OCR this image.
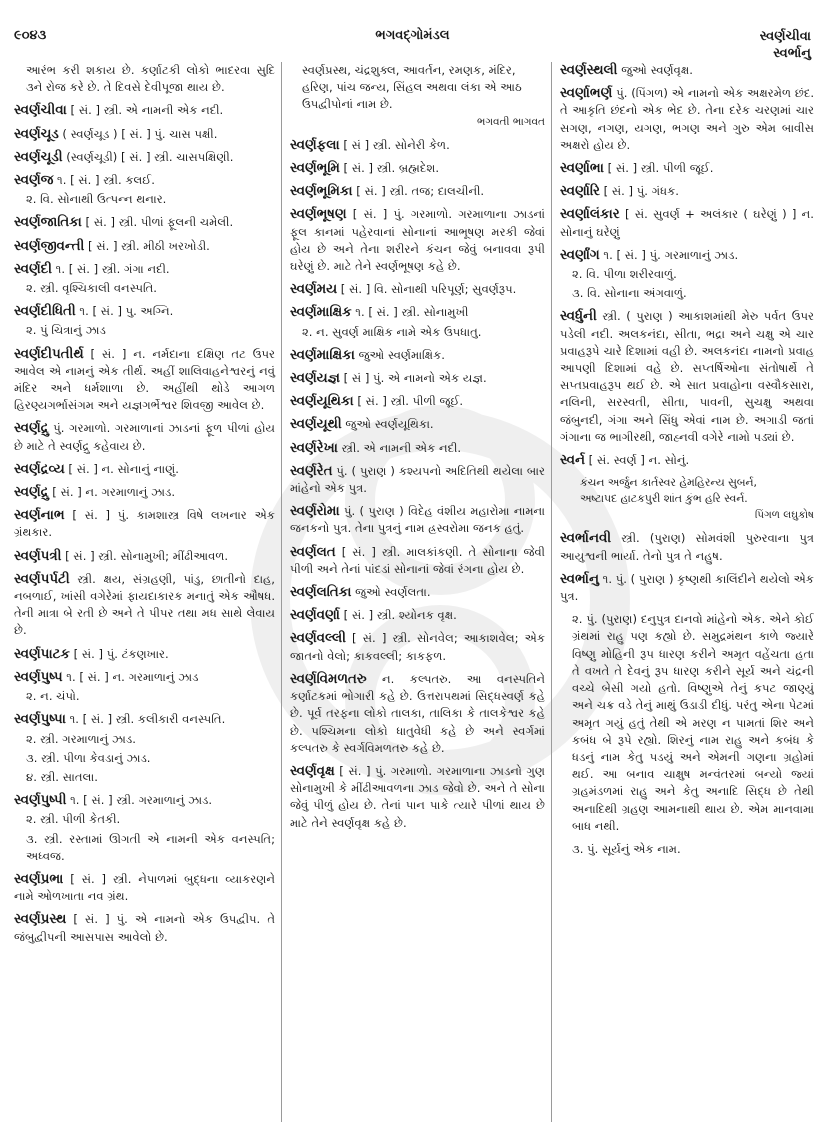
૯૦૪૩	ભગવદ્ગોમંડલ	સ્વર્ણચીવા
સ્વર્ભાનુ
આરંભ કરી શકાય છે. કર્ણાટકી લોકો ભાદરવા સુદિ ૩ને રોજ કરે છે. તે દિવસે દેવીપૂજા થાય છે.
સ્વર્ણચીવા [ સં. ] સ્ત્રી. એ નામની એક નદી.
સ્વર્ણચૂડ ( સ્વર્ણચૂડ ) [ સં. ] પું. ચાસ પક્ષી.
સ્વર્ણચૂડી (સ્વર્ણચૂડી) [ સં. ] સ્ત્રી. ચાસપક્ષિણી.
સ્વર્ણજ ૧. [ સં. ] સ્ત્રી. કલઈ.
૨. વિ. સોનાથી ઉત્પન્ન થનાર.
સ્વર્ણજાતિકા [ સં. ] સ્ત્રી. પીળાં ફૂલની ચમેલી.
સ્વર્ણજીવન્તી [ સં. ] સ્ત્રી. મીઠી ખરખોડી.
સ્વર્ણદી ૧. [ સં. ] સ્ત્રી. ગંગા નદી.
૨. સ્ત્રી. વૃશ્ચિકાલી વનસ્પતિ.
સ્વર્ણદીધિતી ૧. [ સં. ] પુ. અગ્નિ.
૨. પું ચિત્રાનું ઝાડ
સ્વર્ણદીપતીર્થ [ સં. ] ન. નર્મદાના દક્ષિણ તટ ઉપર આવેલ એ નામનું એક તીર્થ. અહીં શાલિવાહનેશ્વરનું નવું મંદિર અને ધર્મશાળા છે. અહીંથી થોડે આગળ હિરણ્યગર્ભાસંગમ અને યજ્ઞગર્ભેશ્વર શિવજી આવેલ છે.
સ્વર્ણદ્રુ પું. ગરમાળો. ગરમાળાનાં ઝાડનાં ફૂળ પીળાં હોય છે માટે તે સ્વર્ણદ્રુ કહેવાય છે.
સ્વર્ણદ્રવ્ય [ સં. ] ન. સોનાનું નાણું.
સ્વર્ણદ્રુ [ સં. ] ન. ગરમાળાનું ઝાડ.
સ્વર્ણનાભ [ સં. ] પું. કામશાસ્ત્ર વિષે લખનાર એક ગ્રંથકાર.
સ્વર્ણપત્રી [ સં. ] સ્ત્રી. સોનામુખી; મીંઢીઆવળ.
સ્વર્ણપર્પટી સ્ત્રી. ક્ષય, સંગ્રહણી, પાંડુ, છાતીનો દાહ, નબળાઈ, ખાંસી વગેરેમાં ફાયદાકારક મનાતું એક ઔષધ. તેની માત્રા બે રતી છે અને તે પીપર તથા મધ સાથે લેવાય છે.
સ્વર્ણપાટક [ સં. ] પું. ટંકણખાર.
સ્વર્ણપુષ્પ ૧. [ સં. ] ન. ગરમાળાનું ઝાડ
૨. ન. ચંપો.
સ્વર્ણપુષ્પા ૧. [ સં. ] સ્ત્રી. કલીકારી વનસ્પતિ.
૨. સ્ત્રી. ગરમાળાનું ઝાડ.
૩. સ્ત્રી. પીળા કેવડાનું ઝાડ.
૪. સ્ત્રી. સાતલા.
સ્વર્ણપુષ્પી ૧. [ સં. ] સ્ત્રી. ગરમાળાનું ઝાડ.
૨. સ્ત્રી. પીળી કેતકી.
૩. સ્ત્રી. રસ્તામાં ઊગતી એ નામની એક વનસ્પતિ; અધ્વજ.
સ્વર્ણપ્રભા [ સં. ] સ્ત્રી. નેપાળમાં બુદ્ધના વ્યાકરણને નામે ઓળખાતા નવ ગ્રંથ.
સ્વર્ણપ્રસ્થ [ સં. ] પું. એ નામનો એક ઉપદ્વીપ. તે જંબુદ્વીપની આસપાસ આવેલો છે.
સ્વર્ણપ્રસ્થ, ચંદ્રશુક્લ, આવર્તન, રમણક, મંદિર, હરિણ, પાંચ જન્ય, સિંહલ અથવા લંકા એ આઠ ઉપદ્વીપોનાં નામ છે.
ભગવતી ભાગવત
સ્વર્ણફલા [ સં ] સ્ત્રી. સોનેરી કેળ.
સ્વર્ણભૂમિ [ સં. ] સ્ત્રી. બ્રહ્મદેશ.
સ્વર્ણભૂમિકા [ સં. ] સ્ત્રી. તજ; દાલચીની.
સ્વર્ણભૂષણ [ સં. ] પું. ગરમાળો. ગરમાળાના ઝાડનાં ફૂલ કાનમાં પહેરવાનાં સોનાનાં આભૂષણ મરકી જેવાં હોય છે અને તેના શરીરને કંચન જેવું બનાવવા રૂપી ઘરેણું છે. માટે તેને સ્વર્ણભૂષણ કહે છે.
સ્વર્ણમય [ સં. ] વિ. સોનાથી પરિપૂર્ણ; સુવર્ણરૂપ.
સ્વર્ણમાક્ષિક ૧. [ સં. ] સ્ત્રી. સોનામુખી
૨. ન. સુવર્ણ માક્ષિક નામે એક ઉપધાતુ.
સ્વર્ણમાક્ષિકા જુઓ સ્વર્ણમાક્ષિક.
સ્વર્ણયજ્ઞ [ સં ] પું. એ નામનો એક યજ્ઞ.
સ્વર્ણયૂથિકા [ સં. ] સ્ત્રી. પીળી જૂઈ.
સ્વર્ણયૂથી જુઓ સ્વર્ણયૂથિકા.
સ્વર્ણરેખા સ્ત્રી. એ નામની એક નદી.
સ્વર્ણરેત પું. ( પુરાણ ) કશ્યપનો અદિતિથી થયેલા બાર માંહેનો એક પુત્ર.
સ્વર્ણરોમા પું. ( પુરાણ ) વિદેહ વંશીય મહારોમા નામના જનકનો પુત્ર. તેના પુત્રનું નામ હ્રસ્વરોમા જનક હતું.
સ્વર્ણલત [ સં. ] સ્ત્રી. માલકાંકણી. તે સોનાના જેવી પીળી અને તેનાં પાંદડાં સોનાનાં જેવાં રંગના હોય છે.
સ્વર્ણલતિકા જુઓ સ્વર્ણલતા.
સ્વર્ણવર્ણા [ સં. ] સ્ત્રી. શ્યોનક વૃક્ષ.
સ્વર્ણવલ્લી [ સં. ] સ્ત્રી. સોનવેલ; આકાશવેલ; એક જાતનો વેલો; કાકવલ્લી; કાકફળ.
સ્વર્ણવિમળતરુ ન. કલ્પતરુ. આ વનસ્પતિને કર્ણાટકમાં ભોગારી કહે છે. ઉત્તરાપથમાં સિદ્ધસ્વર્ણ કહે છે. પૂર્વ તરફના લોકો તાલકા, તાલિકા કે તાલકેશ્વર કહે છે. પશ્ચિમના લોકો ધાતુવેધી કહે છે અને સ્વર્ગમાં કલ્પતરુ કે સ્વર્ગવિમળતરુ કહે છે.
સ્વર્ણવૃક્ષ [ સં. ] પું. ગરમાળો. ગરમાળાના ઝાડનો ગુણ સોનામુખી કે મીંઢીઆવળના ઝાડ જેવો છે. અને તે સોના જેવું પીળું હોય છે. તેનાં પાન પાકે ત્યારે પીળાં થાય છે માટે તેને સ્વર્ણવૃક્ષ કહે છે.
સ્વર્ણસ્થલી જુઓ સ્વર્ણવૃક્ષ.
સ્વર્ણાભર્ણ પું. (પિંગળ) એ નામનો એક અક્ષરમેળ છંદ. તે આકૃતિ છંદનો એક ભેદ છે. તેના દરેક ચરણમાં ચાર સગણ, નગણ, યગણ, ભગણ અને ગુરુ એમ બાવીસ અક્ષરો હોય છે.
સ્વર્ણાભા [ સં. ] સ્ત્રી. પીળી જૂઈ.
સ્વર્ણારિ [ સં. ] પું. ગંધક.
સ્વર્ણાલંકાર [ સં. સુવર્ણ + અલંકાર ( ઘરેણું ) ] ન. સોનાનું ઘરેણું
સ્વર્ણાંગ ૧. [ સં. ] પું. ગરમાળાનું ઝાડ.
૨. વિ. પીળા શરીરવાળું.
૩. વિ. સોનાના અંગવાળું.
સ્વર્ધુની સ્ત્રી. ( પુરાણ ) આકાશમાંથી મેરુ પર્વત ઉપર પડેલી નદી. અલકનંદા, સીતા, ભદ્રા અને ચક્ષુ એ ચાર પ્રવાહરૂપે ચારે દિશામાં વહી છે. અલકનંદા નામનો પ્રવાહ આપણી દિશામાં વહે છે. સપ્તર્ષિઓના સંતોષાર્થે તે સપ્તપ્રવાહરૂપ થઈ છે. એ સાત પ્રવાહોના વસ્વૌકસારા, નલિની, સરસ્વતી, સીતા, પાવની, સુચક્ષુ અથવા જંબુનદી, ગંગા અને સિંધુ એવાં નામ છે. અગાડી જતાં ગંગાના જ ભાગીરથી, જાહ્નવી વગેરે નામો પડ્યાં છે.
સ્વર્ન [ સં. સ્વર્ણ ] ન. સોનું.
કંચન અર્જુન કાર્તસ્વર હેમહિરન્ય સુબર્ન,
અષ્ટાપદ હાટકપુરી શાંત કુંભ હરિ સ્વર્ન.
પિંગળ લઘુકોષ
સ્વર્ભાનવી સ્ત્રી. (પુરાણ) સોમવંશી પુરુરવાના પુત્ર આયુશ્વની ભાર્યા. તેનો પુત્ર તે નહુષ.
સ્વર્ભાનુ ૧. પું. ( પુરાણ ) કૃષ્ણથી કાલિંદીને થયેલો એક પુત્ર.
૨. પું. (પુરાણ) દનુપુત્ર દાનવો માંહેનો એક. એને કોઈ ગ્રંથમાં રાહુ પણ કહ્યો છે. સમુદ્રમંથન કાળે જ્યારે વિષ્ણુ મોહિની રૂપ ધારણ કરીને અમૃત વહેંચતા હતા તે વખતે તે દેવનું રૂપ ધારણ કરીને સૂર્ય અને ચંદ્રની વચ્ચે બેસી ગયો હતો. વિષ્ણુએ તેનું કપટ જાણ્યું અને ચક્ર વડે તેનું માથું ઉડાડી દીધું. પરંતુ એના પેટમાં અમૃત ગયું હતું તેથી એ મરણ ન પામતાં શિર અને કબંધ બે રૂપે રહ્યો. શિરનું નામ રાહુ અને કબંધ કે ધડનું નામ કેતુ પડયું અને એમની ગણના ગ્રહોમાં થઈ. આ બનાવ ચાક્ષુષ મન્વંતરમાં બન્યો જ્યાં ગ્રહમંડળમાં રાહુ અને કેતુ અનાદિ સિદ્ધ છે તેથી અનાદિથી ગ્રહણ આમનાથી થાય છે. એમ માનવામા બાધ નથી.
૩. પું. સૂર્યનું એક નામ.
